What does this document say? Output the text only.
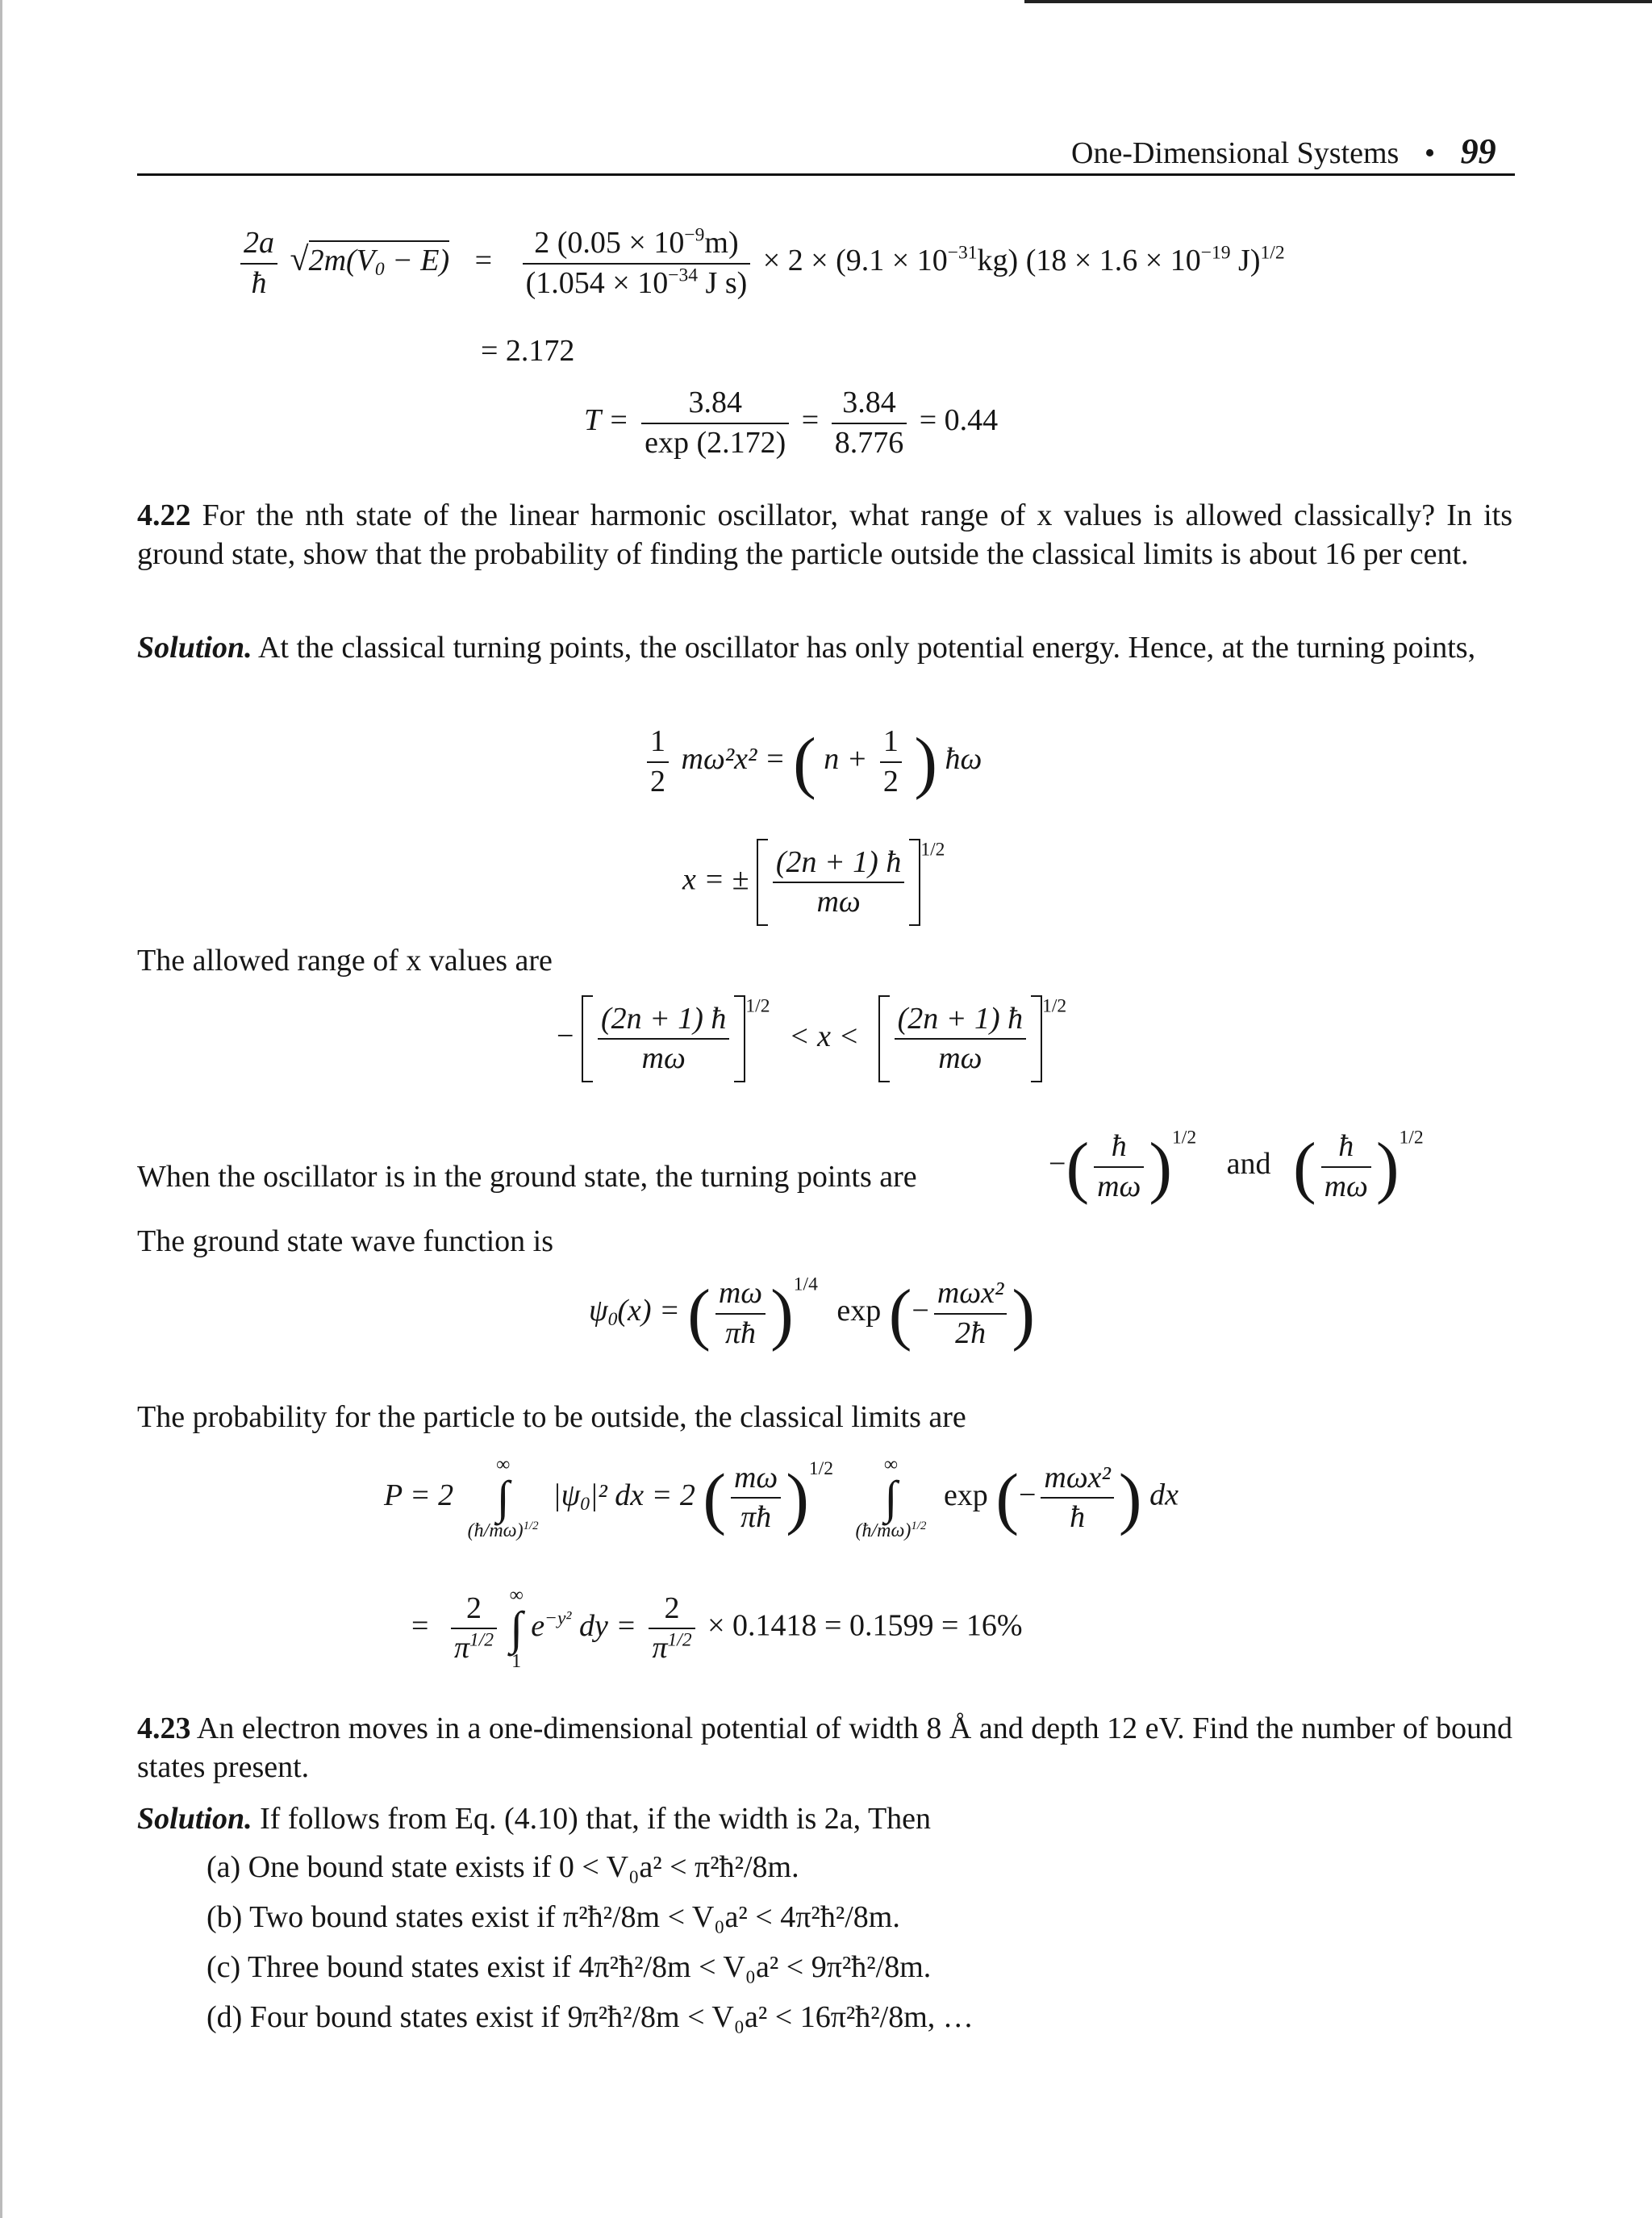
One-Dimensional Systems • 99
$\frac{2a}{ħ} √2m(V_0 - E) = \frac{2 (0.05 \times 10^{-9}m)}{(1.054 \times 10^{-34} J s)} \times 2 \times (9.1 \times 10^{-31}kg) (18 \times 1.6 \times 10^{-19}$ J)$^{1/2}$
= 2.172
$T = \frac{3.84}{\exp (2.172)} = \frac{3.84}{8.776} = 0.44$
4.22 For the nth state of the linear harmonic oscillator, what range of x values is allowed classically? In its ground state, show that the probability of finding the particle outside the classical limits is about 16 per cent.
Solution. At the classical turning points, the oscillator has only potential energy. Hence, at the turning points,
$\frac{1}{2} m\omega^2x^2$ = ( $n + \frac{1}{2}$ ) ħω
x = ± $\frac{(2n + 1) ħ}{m\omega} ^{1/2}$
The allowed range of x values are
− $\frac{(2n + 1) ħ}{m\omega} ^{1/2} < x < \frac{(2n + 1) ħ}{m\omega} ^{1/2}$
When the oscillator is in the ground state, the turning points are	−( $\frac{ħ}{m\omega} )^{1/2}$ and ( $\frac{ħ}{m\omega} )^{1/2}$
The ground state wave function is
$\psi_0(x)$ = ( $\frac{m\omega}{\pi ħ} )^{1/4}$ exp (− $\frac{\text{mωx²}}{2ħ}$ )
The probability for the particle to be outside, the classical limits are
P = 2
∞
∫
(ħ/mω)$^{1/2}$
$|\psi_0|^2$ dx = 2 ( $\frac{m\omega}{\pi ħ} )^{1/2}$	∞
∫
(ħ/mω)$^{1/2}$
exp (− $\frac{\text{mωx²}}{ħ}$ ) dx
= $\frac{2}{\pi^{1/2}}$
∞
∫
1
$e^{-y^2}$ dy = $\frac{2}{\pi^{1/2}} \times 0.1418 = 0.1599 = 16\%$
4.23 An electron moves in a one-dimensional potential of width 8 Å and depth 12 eV. Find the number of bound states present.
Solution. If follows from Eq. (4.10) that, if the width is 2a, Then
(a) One bound state exists if 0 < V₀a² < π²ħ²/8m.
(b) Two bound states exist if π²ħ²/8m < V₀a² < 4π²ħ²/8m.
(c) Three bound states exist if 4π²ħ²/8m < V₀a² < 9π²ħ²/8m.
(d) Four bound states exist if 9π²ħ²/8m < V₀a² < 16π²ħ²/8m, …
